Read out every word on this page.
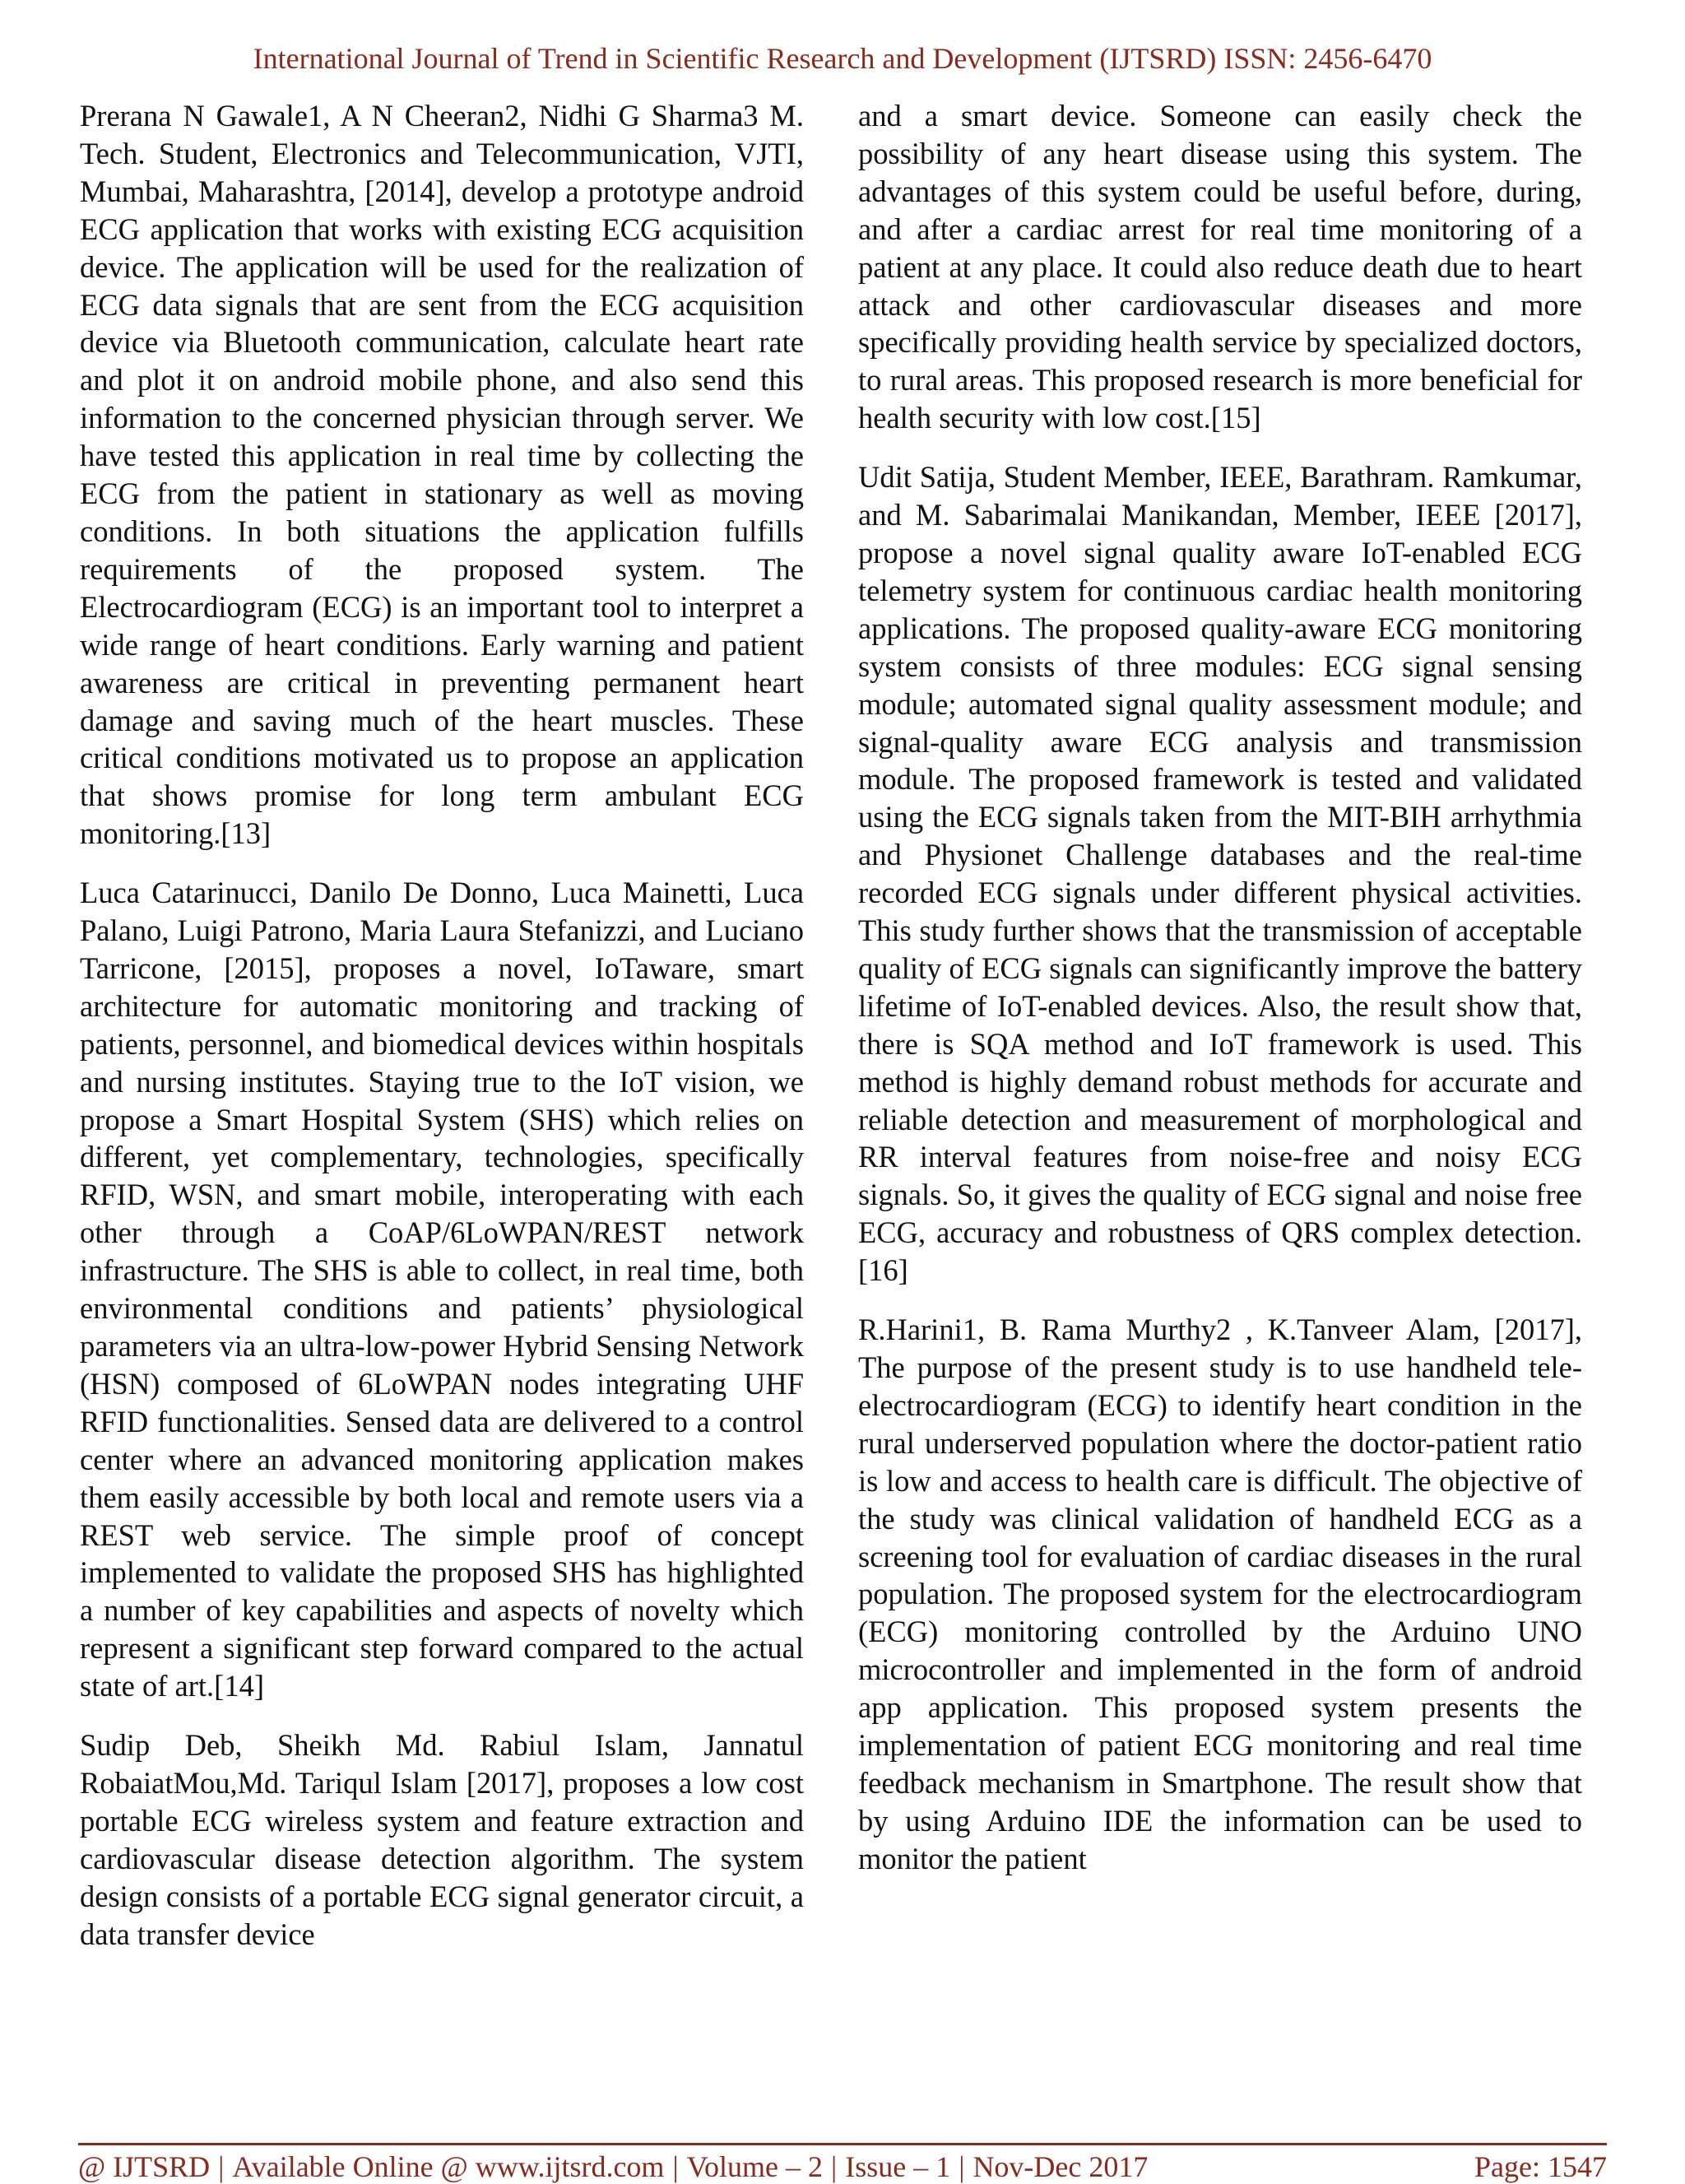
International Journal of Trend in Scientific Research and Development (IJTSRD) ISSN: 2456-6470

Prerana N Gawale1, A N Cheeran2, Nidhi G Sharma3 M. Tech. Student, Electronics and Telecommunication, VJTI, Mumbai, Maharashtra, [2014], develop a prototype android ECG application that works with existing ECG acquisition device. The application will be used for the realization of ECG data signals that are sent from the ECG acquisition device via Bluetooth communication, calculate heart rate and plot it on android mobile phone, and also send this information to the concerned physician through server. We have tested this application in real time by collecting the ECG from the patient in stationary as well as moving conditions. In both situations the application fulfills requirements of the proposed system. The Electrocardiogram (ECG) is an important tool to interpret a wide range of heart conditions. Early warning and patient awareness are critical in preventing permanent heart damage and saving much of the heart muscles. These critical conditions motivated us to propose an application that shows promise for long term ambulant ECG monitoring.[13]

Luca Catarinucci, Danilo De Donno, Luca Mainetti, Luca Palano, Luigi Patrono, Maria Laura Stefanizzi, and Luciano Tarricone, [2015], proposes a novel, IoTaware, smart architecture for automatic monitoring and tracking of patients, personnel, and biomedical devices within hospitals and nursing institutes. Staying true to the IoT vision, we propose a Smart Hospital System (SHS) which relies on different, yet complementary, technologies, specifically RFID, WSN, and smart mobile, interoperating with each other through a CoAP/6LoWPAN/REST network infrastructure. The SHS is able to collect, in real time, both environmental conditions and patients’ physiological parameters via an ultra-low-power Hybrid Sensing Network (HSN) composed of 6LoWPAN nodes integrating UHF RFID functionalities. Sensed data are delivered to a control center where an advanced monitoring application makes them easily accessible by both local and remote users via a REST web service. The simple proof of concept implemented to validate the proposed SHS has highlighted a number of key capabilities and aspects of novelty which represent a significant step forward compared to the actual state of art.[14]

Sudip Deb, Sheikh Md. Rabiul Islam, Jannatul RobaiatMou,Md. Tariqul Islam [2017], proposes a low cost portable ECG wireless system and feature extraction and cardiovascular disease detection algorithm. The system design consists of a portable ECG signal generator circuit, a data transfer device

and a smart device. Someone can easily check the possibility of any heart disease using this system. The advantages of this system could be useful before, during, and after a cardiac arrest for real time monitoring of a patient at any place. It could also reduce death due to heart attack and other cardiovascular diseases and more specifically providing health service by specialized doctors, to rural areas. This proposed research is more beneficial for health security with low cost.[15]

Udit Satija, Student Member, IEEE, Barathram. Ramkumar, and M. Sabarimalai Manikandan, Member, IEEE [2017], propose a novel signal quality aware IoT-enabled ECG telemetry system for continuous cardiac health monitoring applications. The proposed quality-aware ECG monitoring system consists of three modules: ECG signal sensing module; automated signal quality assessment module; and signal-quality aware ECG analysis and transmission module. The proposed framework is tested and validated using the ECG signals taken from the MIT-BIH arrhythmia and Physionet Challenge databases and the real-time recorded ECG signals under different physical activities. This study further shows that the transmission of acceptable quality of ECG signals can significantly improve the battery lifetime of IoT-enabled devices. Also, the result show that, there is SQA method and IoT framework is used. This method is highly demand robust methods for accurate and reliable detection and measurement of morphological and RR interval features from noise-free and noisy ECG signals. So, it gives the quality of ECG signal and noise free ECG, accuracy and robustness of QRS complex detection. [16]

R.Harini1, B. Rama Murthy2 , K.Tanveer Alam, [2017], The purpose of the present study is to use handheld tele-electrocardiogram (ECG) to identify heart condition in the rural underserved population where the doctor-patient ratio is low and access to health care is difficult. The objective of the study was clinical validation of handheld ECG as a screening tool for evaluation of cardiac diseases in the rural population. The proposed system for the electrocardiogram (ECG) monitoring controlled by the Arduino UNO microcontroller and implemented in the form of android app application. This proposed system presents the implementation of patient ECG monitoring and real time feedback mechanism in Smartphone. The result show that by using Arduino IDE the information can be used to monitor the patient

@ IJTSRD | Available Online @ www.ijtsrd.com | Volume – 2 | Issue – 1 | Nov-Dec 2017	Page: 1547
